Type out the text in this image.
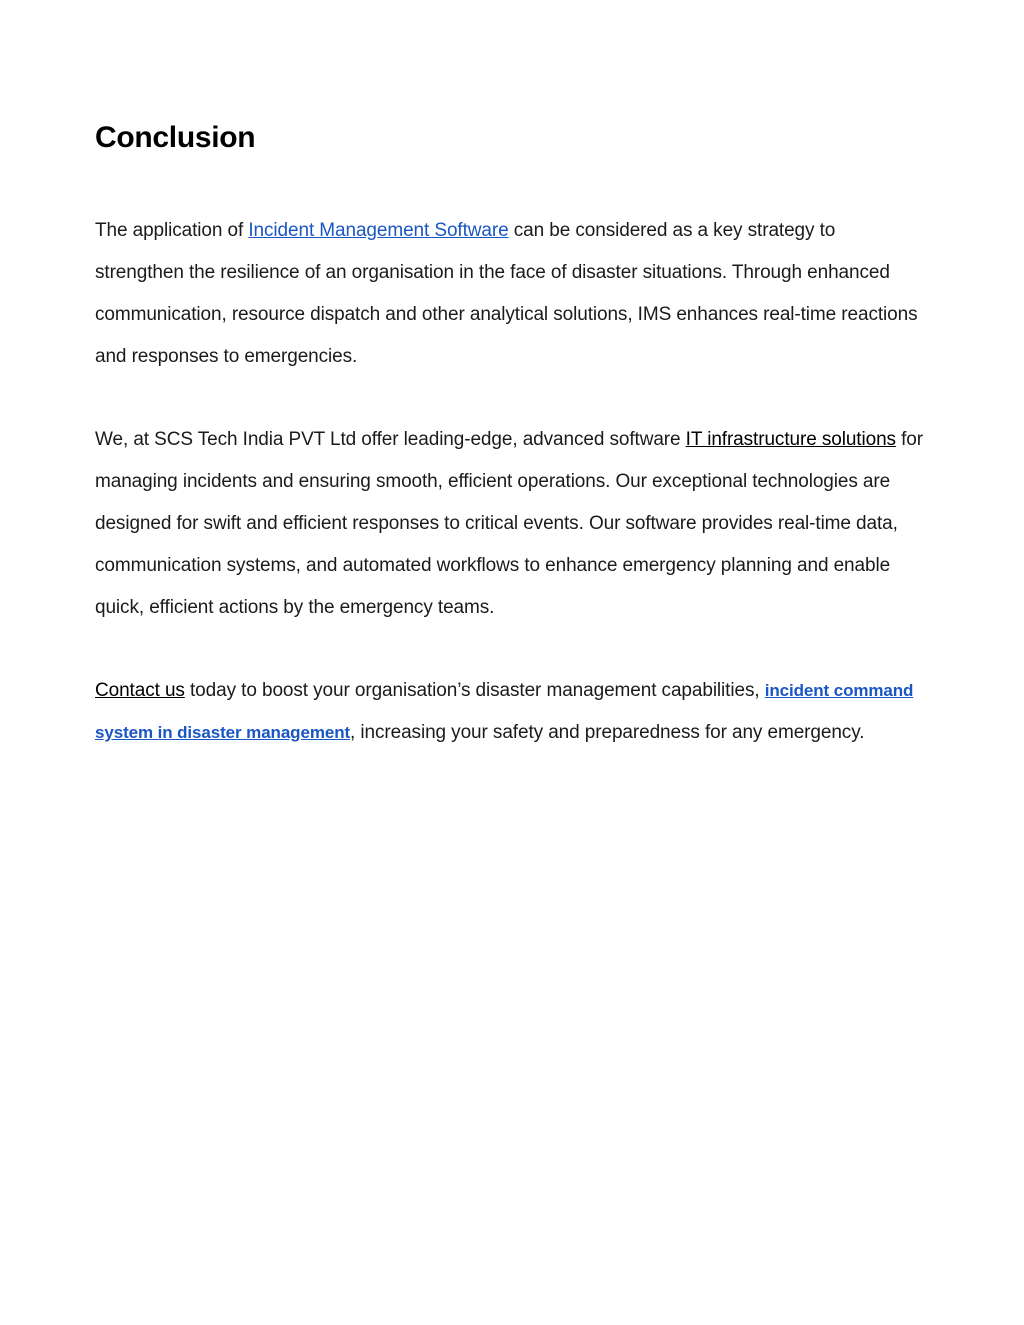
Conclusion

The application of Incident Management Software can be considered as a key strategy to strengthen the resilience of an organisation in the face of disaster situations. Through enhanced communication, resource dispatch and other analytical solutions, IMS enhances real-time reactions and responses to emergencies.

We, at SCS Tech India PVT Ltd offer leading-edge, advanced software IT infrastructure solutions for managing incidents and ensuring smooth, efficient operations. Our exceptional technologies are designed for swift and efficient responses to critical events. Our software provides real-time data, communication systems, and automated workflows to enhance emergency planning and enable quick, efficient actions by the emergency teams.

Contact us today to boost your organisation’s disaster management capabilities, incident command system in disaster management, increasing your safety and preparedness for any emergency.
